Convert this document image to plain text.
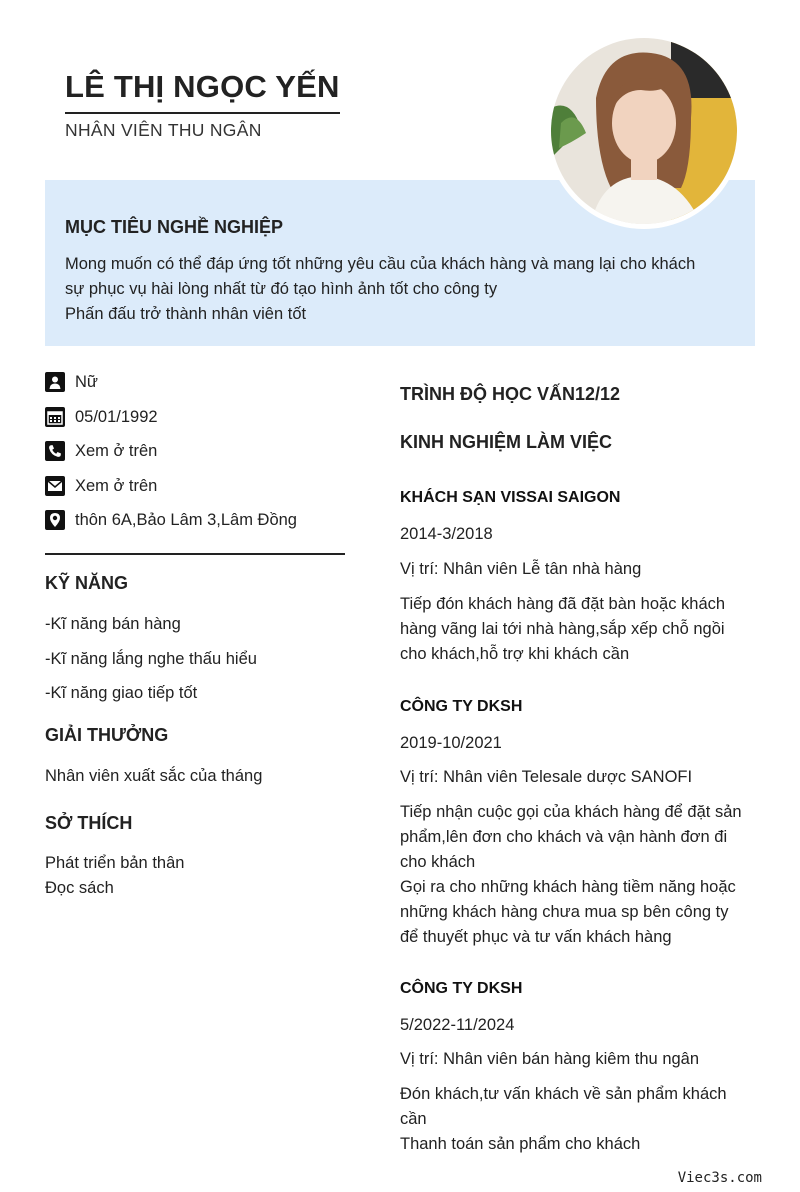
LÊ THỊ NGỌC YẾN
NHÂN VIÊN THU NGÂN
MỤC TIÊU NGHỀ NGHIỆP
Mong muốn có thể đáp ứng tốt những yêu cầu của khách hàng và mang lại cho khách
sự phục vụ hài lòng nhất từ đó tạo hình ảnh tốt cho công ty
Phấn đấu trở thành nhân viên tốt
Nữ
05/01/1992
Xem ở trên
Xem ở trên
thôn 6A,Bảo Lâm 3,Lâm Đồng
KỸ NĂNG
-Kĩ năng bán hàng
-Kĩ năng lắng nghe thấu hiểu
-Kĩ năng giao tiếp tốt
GIẢI THƯỞNG
Nhân viên xuất sắc của tháng
SỞ THÍCH
Phát triển bản thân
Đọc sách
TRÌNH ĐỘ HỌC VẤN12/12
KINH NGHIỆM LÀM VIỆC
KHÁCH SẠN VISSAI SAIGON
2014-3/2018
Vị trí: Nhân viên Lễ tân nhà hàng
Tiếp đón khách hàng đã đặt bàn hoặc khách
hàng vãng lai tới nhà hàng,sắp xếp chỗ ngồi
cho khách,hỗ trợ khi khách cần
CÔNG TY DKSH
2019-10/2021
Vị trí: Nhân viên Telesale dược SANOFI
Tiếp nhận cuộc gọi của khách hàng để đặt sản
phẩm,lên đơn cho khách và vận hành đơn đi
cho khách
Gọi ra cho những khách hàng tiềm năng hoặc
những khách hàng chưa mua sp bên công ty
để thuyết phục và tư vấn khách hàng
CÔNG TY DKSH
5/2022-11/2024
Vị trí: Nhân viên bán hàng kiêm thu ngân
Đón khách,tư vấn khách về sản phẩm khách
cần
Thanh toán sản phẩm cho khách
Viec3s.com
